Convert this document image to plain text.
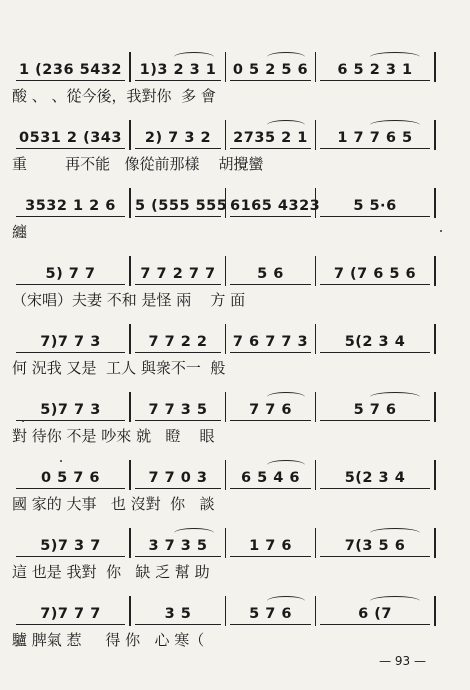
1 (236 5432 1)3 2 3 1 0 5 2 5 6 6 5 2 3 1
酸 、 、從今後，我對你  多 會
0531 2 (343 2) 7 3 2 2735 2 1 1 7 7 6 5
重        再不能   像從前那樣    胡攪蠻
3532 1 2 6 5 (555 555 6165 4323 5 5·6
纏
5) 7 7	7 7 2 7 7	5 6	7 (7 6 5 6
（宋唱）夫妻 不和 是怪 兩    方 面
7)7 7 3	7 7 2 2 7 6 7 7 3	5(2 3 4
何 況我 又是  工人 與衆不一  般
5)7 7 3	7 7 3 5	7 7 6	5 7 6
對 待你 不是 吵來 就   瞪    眼
0 5 7 6	7 7 0 3 6 5 4 6	5(2 3 4
國 家的 大事   也 沒對  你   談
5)7 3 7	3 7 3 5	1 7 6	7(3 5 6
這 也是 我對  你   缺 乏 幫 助
7)7 7 7	3 5	5 7 6	6 (7
驢 脾氣 惹     得 你   心 寒（
— 93 —
